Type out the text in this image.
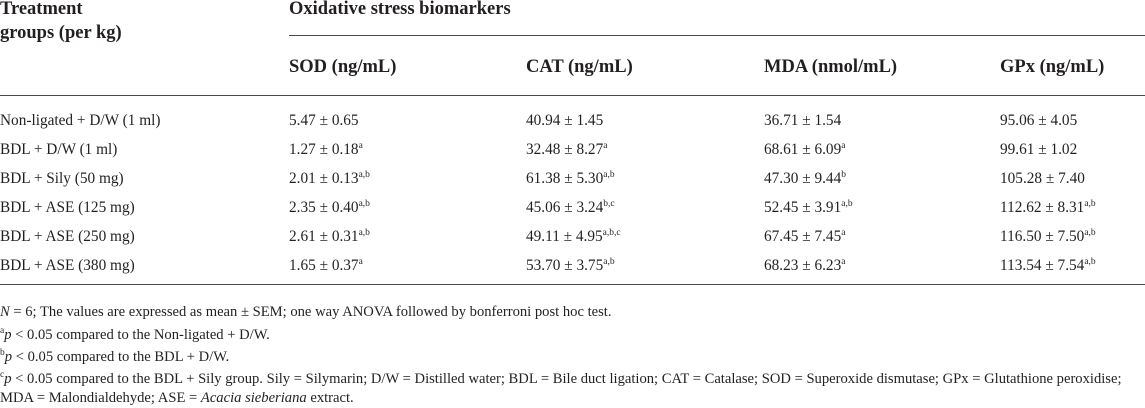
Treatment
groups (per kg)
Oxidative stress biomarkers
SOD (ng/mL)	CAT (ng/mL)	MDA (nmol/mL)	GPx (ng/mL)
Non-ligated + D/W (1 ml)	5.47 ± 0.65	40.94 ± 1.45	36.71 ± 1.54	95.06 ± 4.05
BDL + D/W (1 ml)	1.27 ± 0.18$^a$	32.48 ± 8.27$^a$	68.61 ± 6.09$^a$	99.61 ± 1.02
BDL + Sily (50 mg)	$2.01 \pm 0.13^{a,b}$	$61.38 \pm 5.30^{a,b}$	47.30 ± 9.44$^b$	105.28 ± 7.40
BDL + ASE (125 mg)	$2.35 \pm 0.40^{a,b}$	$45.06 \pm 3.24^{b,c}$	$52.45 \pm 3.91^{a,b}$	$112.62 \pm 8.31^{a,b}$
BDL + ASE (250 mg)	$2.61 \pm 0.31^{a,b}$	$49.11 \pm 4.95^{a,b,c}$	67.45 ± 7.45$^a$	$116.50 \pm 7.50^{a,b}$
BDL + ASE (380 mg)	1.65 ± 0.37$^a$	$53.70 \pm 3.75^{a,b}$	68.23 ± 6.23$^a$	$113.54 \pm 7.54^{a,b}$
N = 6; The values are expressed as mean ± SEM; one way ANOVA followed by bonferroni post hoc test.
$^a$p < 0.05 compared to the Non-ligated + D/W.
$^b$p < 0.05 compared to the BDL + D/W.
$^c$p < 0.05 compared to the BDL + Sily group. Sily = Silymarin; D/W = Distilled water; BDL = Bile duct ligation; CAT = Catalase; SOD = Superoxide dismutase; GPx = Glutathione peroxidise;
MDA = Malondialdehyde; ASE = Acacia sieberiana extract.
